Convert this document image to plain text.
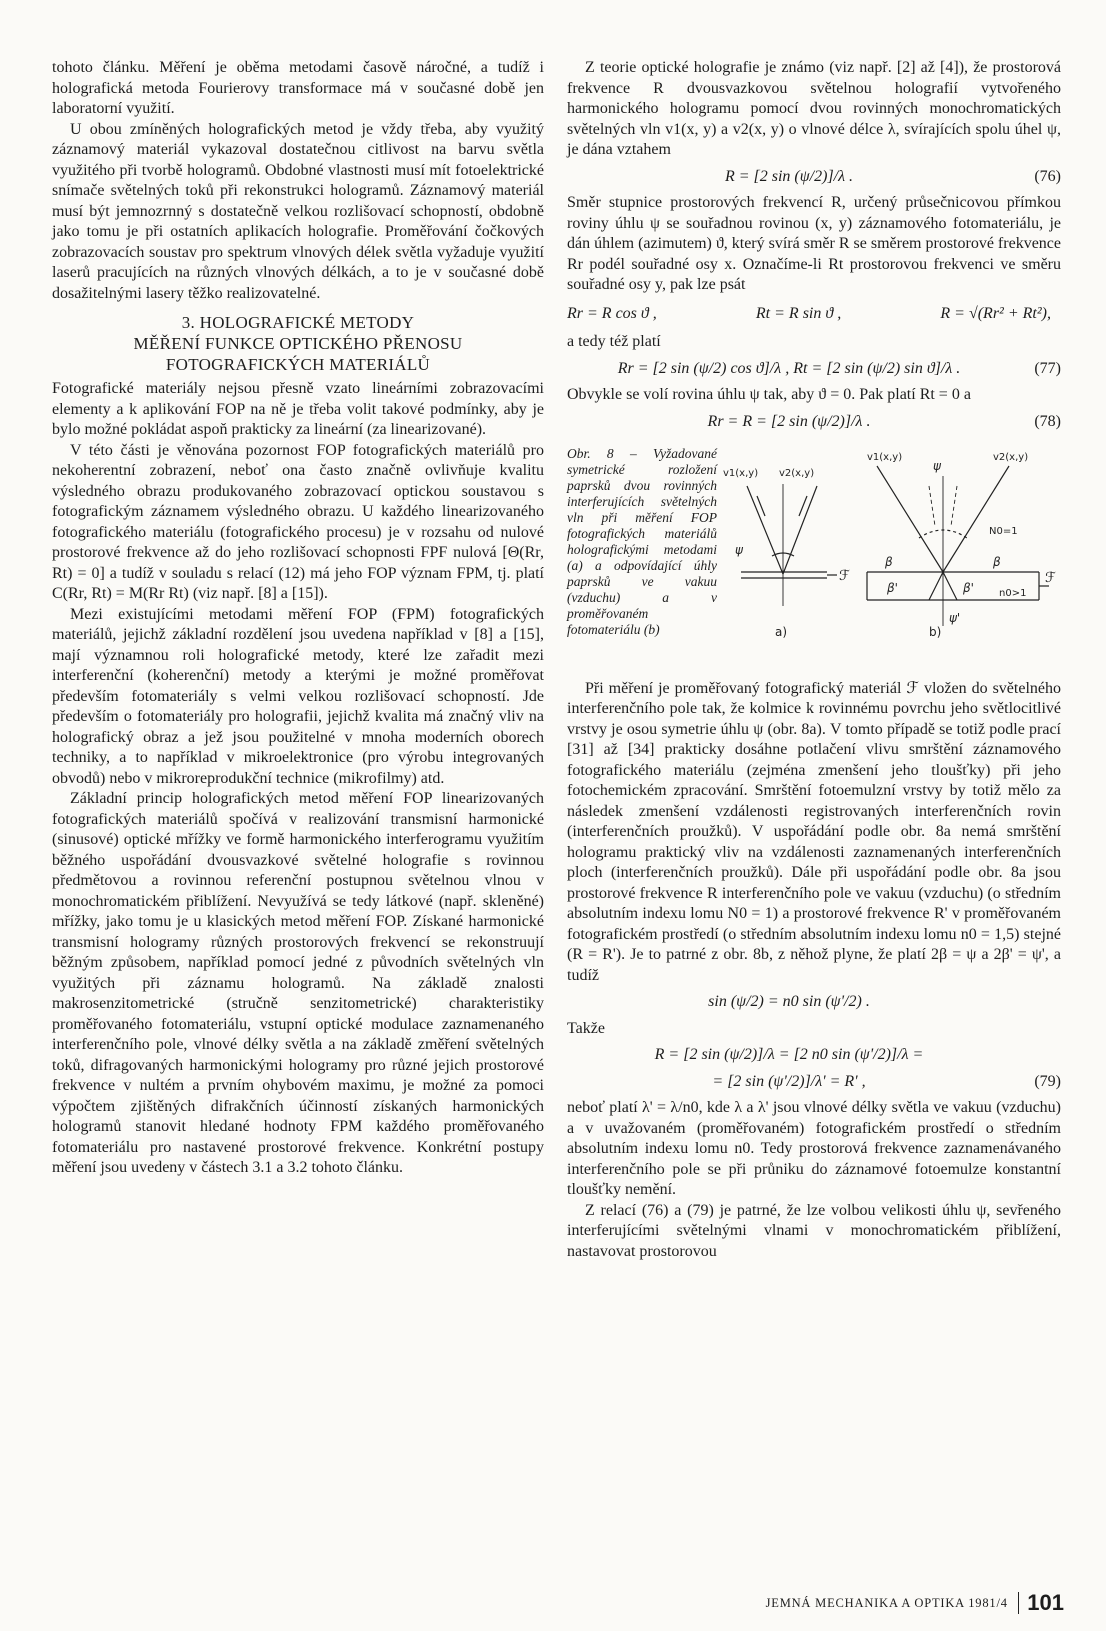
tohoto článku. Měření je oběma metodami časově náročné, a tudíž i holografická metoda Fourierovy transformace má v současné době jen laboratorní využití.

U obou zmíněných holografických metod je vždy třeba, aby využitý záznamový materiál vykazoval dostatečnou citlivost na barvu světla využitého při tvorbě hologramů. Obdobné vlastnosti musí mít fotoelektrické snímače světelných toků při rekonstrukci hologramů. Záznamový materiál musí být jemnozrnný s dostatečně velkou rozlišovací schopností, obdobně jako tomu je při ostatních aplikacích holografie. Proměřování čočkových zobrazovacích soustav pro spektrum vlnových délek světla vyžaduje využití laserů pracujících na různých vlnových délkách, a to je v současné době dosažitelnými lasery těžko realizovatelné.

3. HOLOGRAFICKÉ METODY
MĚŘENÍ FUNKCE OPTICKÉHO PŘENOSU
FOTOGRAFICKÝCH MATERIÁLŮ

Fotografické materiály nejsou přesně vzato lineárními zobrazovacími elementy a k aplikování FOP na ně je třeba volit takové podmínky, aby je bylo možné pokládat aspoň prakticky za lineární (za linearizované).

V této části je věnována pozornost FOP fotografických materiálů pro nekoherentní zobrazení, neboť ona často značně ovlivňuje kvalitu výsledného obrazu produkovaného zobrazovací optickou soustavou s fotografickým záznamem výsledného obrazu. U každého linearizovaného fotografického materiálu (fotografického procesu) je v rozsahu od nulové prostorové frekvence až do jeho rozlišovací schopnosti FPF nulová [Θ(Rr, Rt) = 0] a tudíž v souladu s relací (12) má jeho FOP význam FPM, tj. platí C(Rr, Rt) = M(Rr Rt) (viz např. [8] a [15]).

Mezi existujícími metodami měření FOP (FPM) fotografických materiálů, jejichž základní rozdělení jsou uvedena například v [8] a [15], mají významnou roli holografické metody, které lze zařadit mezi interferenční (koherenční) metody a kterými je možné proměřovat především fotomateriály s velmi velkou rozlišovací schopností. Jde především o fotomateriály pro holografii, jejichž kvalita má značný vliv na holografický obraz a jež jsou použitelné v mnoha moderních oborech techniky, a to například v mikroelektronice (pro výrobu integrovaných obvodů) nebo v mikroreprodukční technice (mikrofilmy) atd.

Základní princip holografických metod měření FOP linearizovaných fotografických materiálů spočívá v realizování transmisní harmonické (sinusové) optické mřížky ve formě harmonického interferogramu využitím běžného uspořádání dvousvazkové světelné holografie s rovinnou předmětovou a rovinnou referenční postupnou světelnou vlnou v monochromatickém přiblížení. Nevyužívá se tedy látkové (např. skleněné) mřížky, jako tomu je u klasických metod měření FOP. Získané harmonické transmisní hologramy různých prostorových frekvencí se rekonstruují běžným způsobem, například pomocí jedné z původních světelných vln využitých při záznamu hologramů. Na základě znalosti makrosenzitometrické (stručně senzitometrické) charakteristiky proměřovaného fotomateriálu, vstupní optické modulace zaznamenaného interferenčního pole, vlnové délky světla a na základě změření světelných toků, difragovaných harmonickými hologramy pro různé jejich prostorové frekvence v nultém a prvním ohybovém maximu, je možné za pomoci výpočtem zjištěných difrakčních účinností získaných harmonických hologramů stanovit hledané hodnoty FPM každého proměřovaného fotomateriálu pro nastavené prostorové frekvence. Konkrétní postupy měření jsou uvedeny v částech 3.1 a 3.2 tohoto článku.

Z teorie optické holografie je známo (viz např. [2] až [4]), že prostorová frekvence R dvousvazkovou světelnou holografií vytvořeného harmonického hologramu pomocí dvou rovinných monochromatických světelných vln v1(x, y) a v2(x, y) o vlnové délce λ, svírajících spolu úhel ψ, je dána vztahem

R = [2 sin (ψ/2)]/λ .	(76)

Směr stupnice prostorových frekvencí R, určený průsečnicovou přímkou roviny úhlu ψ se souřadnou rovinou (x, y) záznamového fotomateriálu, je dán úhlem (azimutem) ϑ, který svírá směr R se směrem prostorové frekvence Rr podél souřadné osy x. Označíme-li Rt prostorovou frekvenci ve směru souřadné osy y, pak lze psát

Rr = R cos ϑ ,	Rt = R sin ϑ ,	R = √(Rr² + Rt²),

a tedy též platí

Rr = [2 sin (ψ/2) cos ϑ]/λ , Rt = [2 sin (ψ/2) sin ϑ]/λ .	(77)

Obvykle se volí rovina úhlu ψ tak, aby ϑ = 0. Pak platí Rt = 0 a

Rr = R = [2 sin (ψ/2)]/λ .	(78)
Obr. 8 – Vyžadované symetrické rozložení paprsků dvou rovinných interferujících světelných vln při měření FOP fotografických materiálů holografickými metodami (a) a odpovídající úhly paprsků ve vakuu (vzduchu) a v proměřovaném fotomateriálu (b)
v1(x,y) v2(x,y)
ψ
ℱ
a)
v1(x,y)	v2(x,y)
ψ
N0=1
β	β
β'	β'	n0>1
ℱ
ψ'
b)

Při měření je proměřovaný fotografický materiál ℱ vložen do světelného interferenčního pole tak, že kolmice k rovinnému povrchu jeho světlocitlivé vrstvy je osou symetrie úhlu ψ (obr. 8a). V tomto případě se totiž podle prací [31] až [34] prakticky dosáhne potlačení vlivu smrštění záznamového fotografického materiálu (zejména zmenšení jeho tloušťky) při jeho fotochemickém zpracování. Smrštění fotoemulzní vrstvy by totiž mělo za následek zmenšení vzdálenosti registrovaných interferenčních rovin (interferenčních proužků). V uspořádání podle obr. 8a nemá smrštění hologramu praktický vliv na vzdálenosti zaznamenaných interferenčních ploch (interferenčních proužků). Dále při uspořádání podle obr. 8a jsou prostorové frekvence R interferenčního pole ve vakuu (vzduchu) (o středním absolutním indexu lomu N0 = 1) a prostorové frekvence R' v proměřovaném fotografickém prostředí (o středním absolutním indexu lomu n0 = 1,5) stejné (R = R'). Je to patrné z obr. 8b, z něhož plyne, že platí 2β = ψ a 2β' = ψ', a tudíž

sin (ψ/2) = n0 sin (ψ'/2) .

Takže

R = [2 sin (ψ/2)]/λ = [2 n0 sin (ψ'/2)]/λ =
= [2 sin (ψ'/2)]/λ' = R' ,	(79)

neboť platí λ' = λ/n0, kde λ a λ' jsou vlnové délky světla ve vakuu (vzduchu) a v uvažovaném (proměřovaném) fotografickém prostředí o středním absolutním indexu lomu n0. Tedy prostorová frekvence zaznamenávaného interferenčního pole se při průniku do záznamové fotoemulze konstantní tloušťky nemění.

Z relací (76) a (79) je patrné, že lze volbou velikosti úhlu ψ, sevřeného interferujícími světelnými vlnami v monochromatickém přiblížení, nastavovat prostorovou

JEMNÁ MECHANIKA A OPTIKA 1981/4 101
